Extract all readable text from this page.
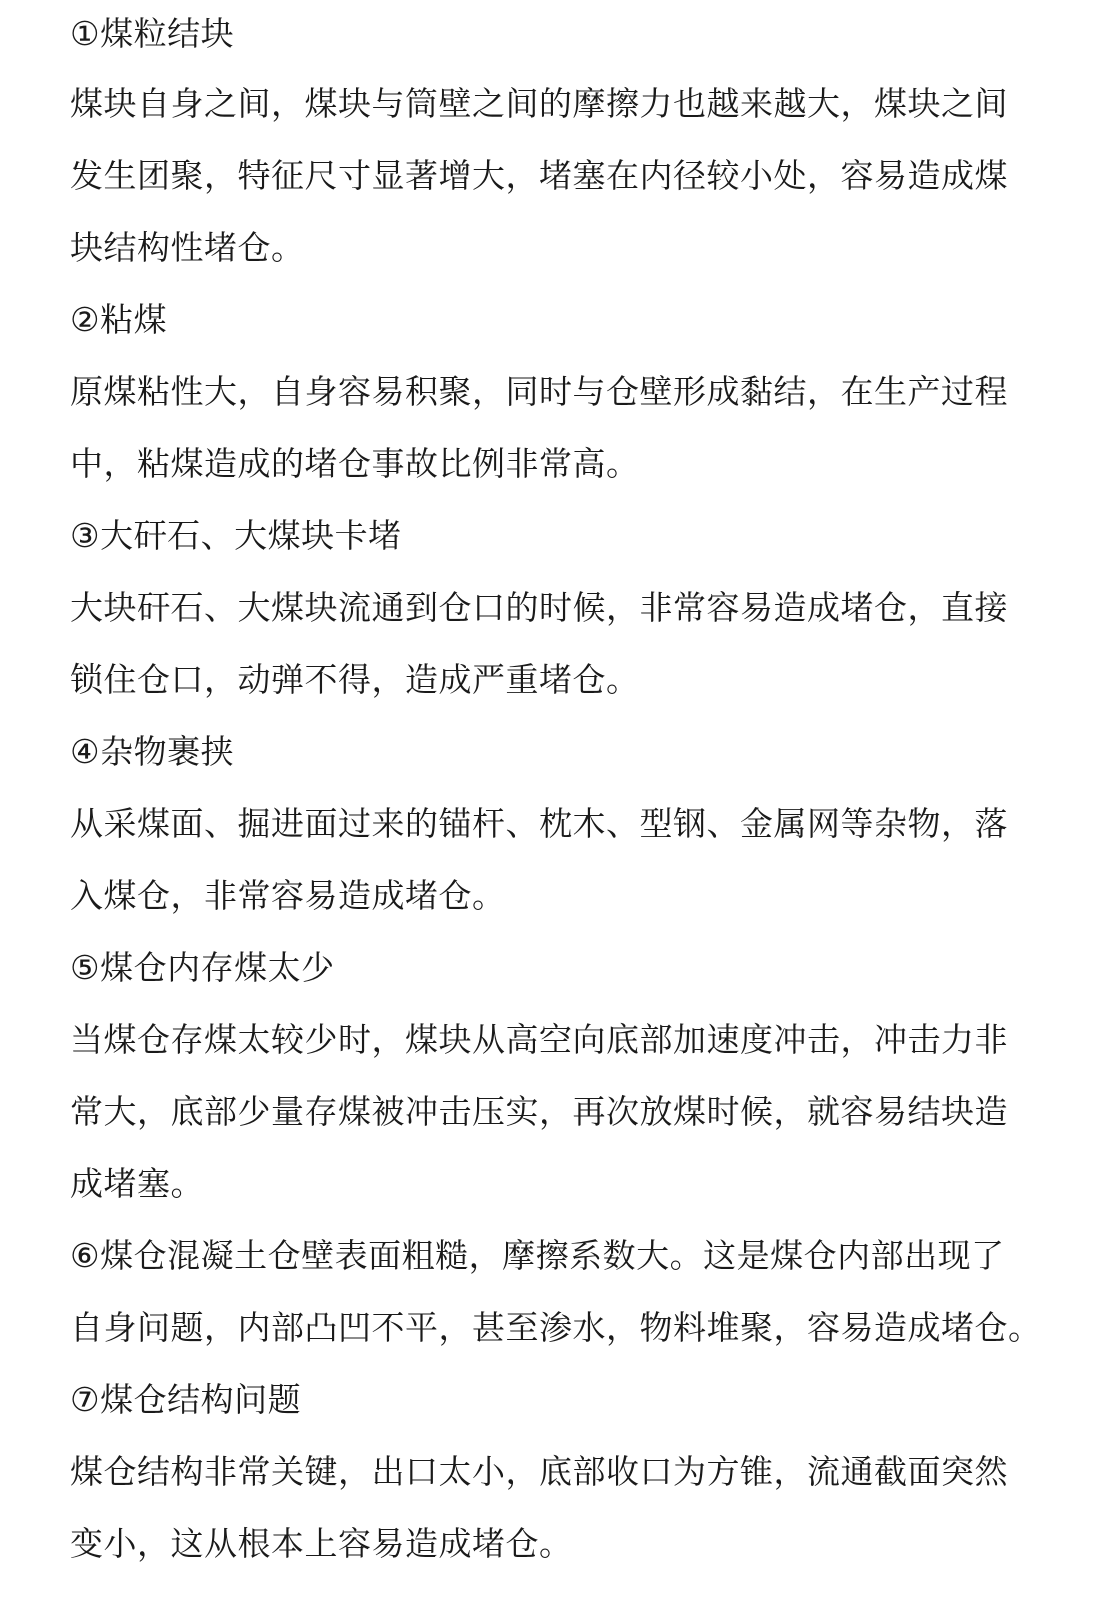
①煤粒结块
煤块自身之间，煤块与筒壁之间的摩擦力也越来越大，煤块之间
发生团聚，特征尺寸显著增大，堵塞在内径较小处，容易造成煤
块结构性堵仓。
②粘煤
原煤粘性大，自身容易积聚，同时与仓壁形成黏结，在生产过程
中，粘煤造成的堵仓事故比例非常高。
③大矸石、大煤块卡堵
大块矸石、大煤块流通到仓口的时候，非常容易造成堵仓，直接
锁住仓口，动弹不得，造成严重堵仓。
④杂物裹挟
从采煤面、掘进面过来的锚杆、枕木、型钢、金属网等杂物，落
入煤仓，非常容易造成堵仓。
⑤煤仓内存煤太少
当煤仓存煤太较少时，煤块从高空向底部加速度冲击，冲击力非
常大，底部少量存煤被冲击压实，再次放煤时候，就容易结块造
成堵塞。
⑥煤仓混凝土仓壁表面粗糙，摩擦系数大。这是煤仓内部出现了
自身问题，内部凸凹不平，甚至渗水，物料堆聚，容易造成堵仓。
⑦煤仓结构问题
煤仓结构非常关键，出口太小，底部收口为方锥，流通截面突然
变小，这从根本上容易造成堵仓。
